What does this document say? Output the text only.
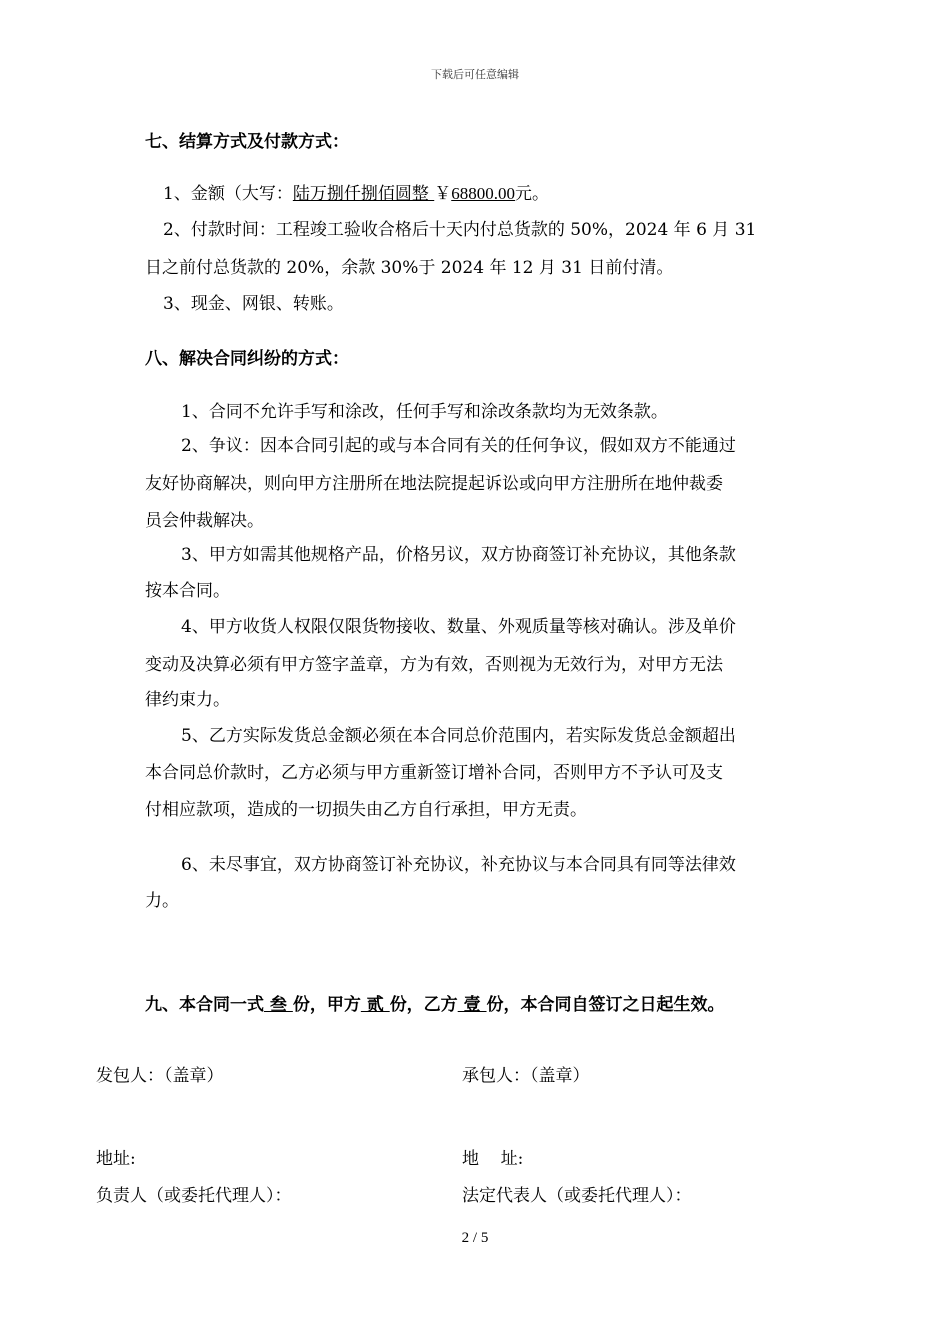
下载后可任意编辑
七、结算方式及付款方式：
1、金额（大写：陆万捌仟捌佰圆整 ￥68800.00元。
2、付款时间：工程竣工验收合格后十天内付总货款的 50%，2024 年 6 月 31
日之前付总货款的 20%，余款 30%于 2024 年 12 月 31 日前付清。
3、现金、网银、转账。
八、解决合同纠纷的方式：
1、合同不允许手写和涂改，任何手写和涂改条款均为无效条款。
2、争议：因本合同引起的或与本合同有关的任何争议，假如双方不能通过
友好协商解决，则向甲方注册所在地法院提起诉讼或向甲方注册所在地仲裁委
员会仲裁解决。
3、甲方如需其他规格产品，价格另议，双方协商签订补充协议，其他条款
按本合同。
4、甲方收货人权限仅限货物接收、数量、外观质量等核对确认。涉及单价
变动及决算必须有甲方签字盖章，方为有效，否则视为无效行为，对甲方无法
律约束力。
5、乙方实际发货总金额必须在本合同总价范围内，若实际发货总金额超出
本合同总价款时，乙方必须与甲方重新签订增补合同，否则甲方不予认可及支
付相应款项，造成的一切损失由乙方自行承担，甲方无责。
6、未尽事宜，双方协商签订补充协议，补充协议与本合同具有同等法律效
力。
九、本合同一式 叁 份，甲方 贰 份，乙方 壹 份，本合同自签订之日起生效。
发包人：（盖章）	承包人：（盖章）
地址:	地    址:
负责人（或委托代理人）：	法定代表人（或委托代理人）：
2 / 5
